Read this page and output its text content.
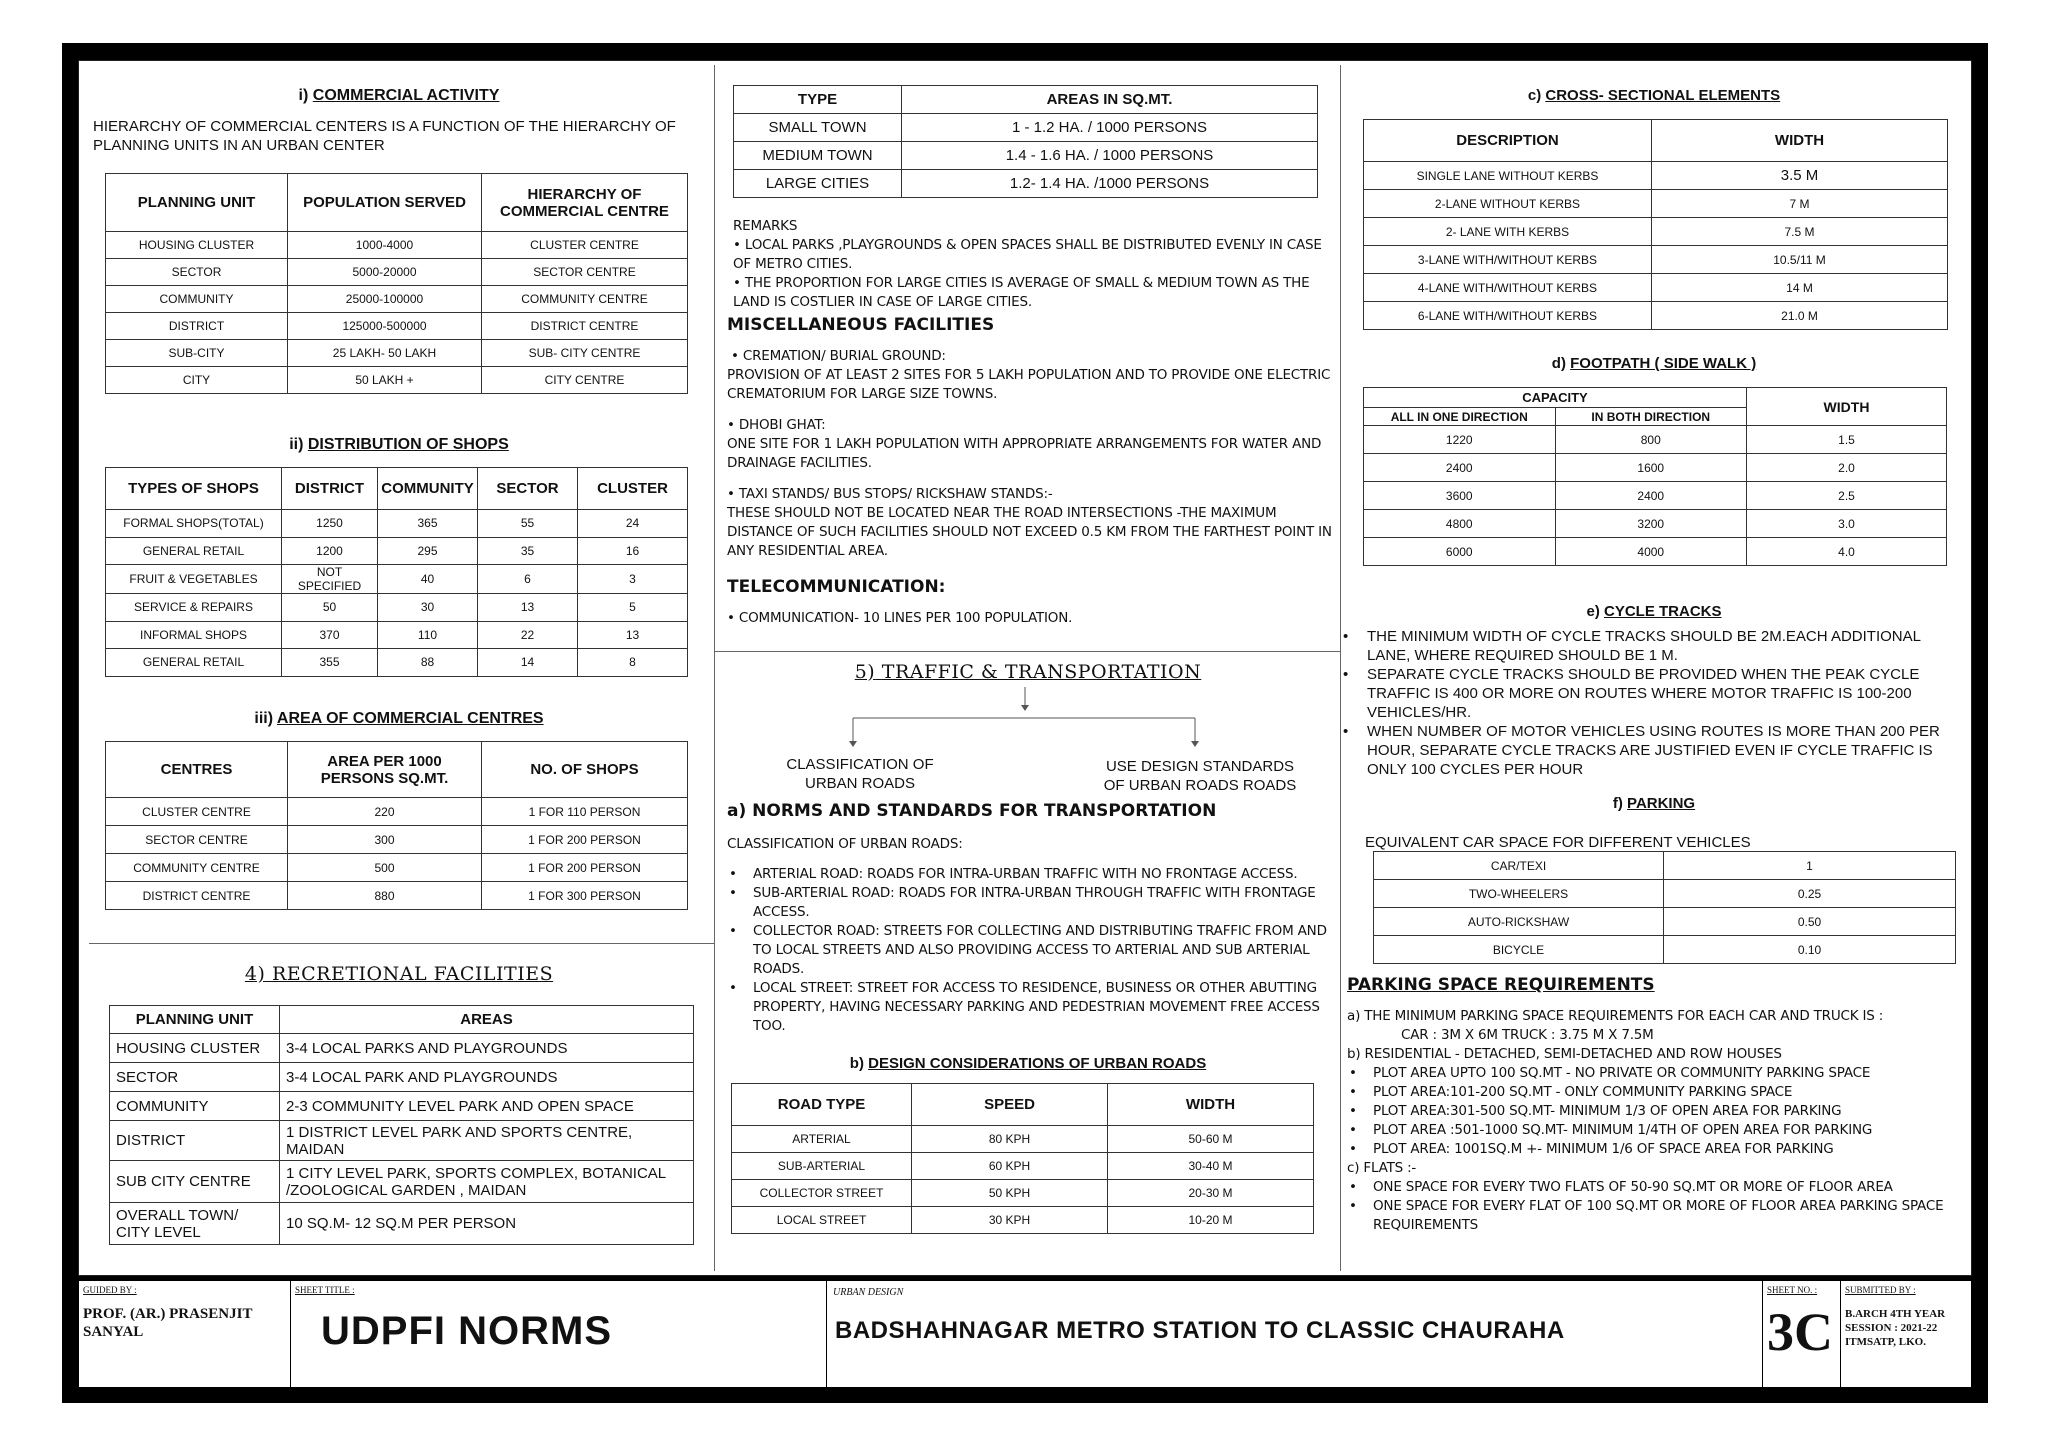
i) COMMERCIAL ACTIVITY
HIERARCHY OF COMMERCIAL CENTERS IS A FUNCTION OF THE HIERARCHY OF PLANNING UNITS IN AN URBAN CENTER
PLANNING UNIT	POPULATION SERVED	HIERARCHY OF COMMERCIAL CENTRE
HOUSING CLUSTER	1000-4000	CLUSTER CENTRE
SECTOR	5000-20000	SECTOR CENTRE
COMMUNITY	25000-100000	COMMUNITY CENTRE
DISTRICT	125000-500000	DISTRICT CENTRE
SUB-CITY	25 LAKH- 50 LAKH	SUB- CITY CENTRE
CITY	50 LAKH +	CITY CENTRE
ii) DISTRIBUTION OF SHOPS
TYPES OF SHOPS	DISTRICT	COMMUNITY	SECTOR	CLUSTER
FORMAL SHOPS(TOTAL)	1250	365	55	24
GENERAL RETAIL	1200	295	35	16
FRUIT & VEGETABLES	NOT SPECIFIED	40	6	3
SERVICE & REPAIRS	50	30	13	5
INFORMAL SHOPS	370	110	22	13
GENERAL RETAIL	355	88	14	8
iii) AREA OF COMMERCIAL CENTRES
CENTRES	AREA PER 1000 PERSONS SQ.MT.	NO. OF SHOPS
CLUSTER CENTRE	220	1 FOR 110 PERSON
SECTOR CENTRE	300	1 FOR 200 PERSON
COMMUNITY CENTRE	500	1 FOR 200 PERSON
DISTRICT CENTRE	880	1 FOR 300 PERSON
4) RECRETIONAL FACILITIES
PLANNING UNIT	AREAS
HOUSING CLUSTER	3-4 LOCAL PARKS AND PLAYGROUNDS
SECTOR	3-4 LOCAL PARK AND PLAYGROUNDS
COMMUNITY	2-3 COMMUNITY LEVEL PARK AND OPEN SPACE
DISTRICT	1 DISTRICT LEVEL PARK AND SPORTS CENTRE, MAIDAN
SUB CITY CENTRE	1 CITY LEVEL PARK, SPORTS COMPLEX, BOTANICAL /ZOOLOGICAL GARDEN , MAIDAN
OVERALL TOWN/ CITY LEVEL	10 SQ.M- 12 SQ.M PER PERSON
TYPE	AREAS IN SQ.MT.
SMALL TOWN	1 - 1.2 HA. / 1000 PERSONS
MEDIUM TOWN	1.4 - 1.6 HA. / 1000 PERSONS
LARGE CITIES	1.2- 1.4 HA. /1000 PERSONS
REMARKS
• LOCAL PARKS ,PLAYGROUNDS & OPEN SPACES SHALL BE DISTRIBUTED EVENLY IN CASE OF METRO CITIES.
• THE PROPORTION FOR LARGE CITIES IS AVERAGE OF SMALL & MEDIUM TOWN AS THE LAND IS COSTLIER IN CASE OF LARGE CITIES.
MISCELLANEOUS FACILITIES
• CREMATION/ BURIAL GROUND:
PROVISION OF AT LEAST 2 SITES FOR 5 LAKH POPULATION AND TO PROVIDE ONE ELECTRIC CREMATORIUM FOR LARGE SIZE TOWNS.
• DHOBI GHAT:
ONE SITE FOR 1 LAKH POPULATION WITH APPROPRIATE ARRANGEMENTS FOR WATER AND DRAINAGE FACILITIES.
• TAXI STANDS/ BUS STOPS/ RICKSHAW STANDS:-
THESE SHOULD NOT BE LOCATED NEAR THE ROAD INTERSECTIONS -THE MAXIMUM DISTANCE OF SUCH FACILITIES SHOULD NOT EXCEED 0.5 KM FROM THE FARTHEST POINT IN ANY RESIDENTIAL AREA.
TELECOMMUNICATION:
• COMMUNICATION- 10 LINES PER 100 POPULATION.
5) TRAFFIC & TRANSPORTATION
CLASSIFICATION OF URBAN ROADS
USE DESIGN STANDARDS OF URBAN ROADS ROADS
a) NORMS AND STANDARDS FOR TRANSPORTATION
CLASSIFICATION OF URBAN ROADS:
• ARTERIAL ROAD: ROADS FOR INTRA-URBAN TRAFFIC WITH NO FRONTAGE ACCESS.
• SUB-ARTERIAL ROAD: ROADS FOR INTRA-URBAN THROUGH TRAFFIC WITH FRONTAGE ACCESS.
• COLLECTOR ROAD: STREETS FOR COLLECTING AND DISTRIBUTING TRAFFIC FROM AND TO LOCAL STREETS AND ALSO PROVIDING ACCESS TO ARTERIAL AND SUB ARTERIAL ROADS.
• LOCAL STREET: STREET FOR ACCESS TO RESIDENCE, BUSINESS OR OTHER ABUTTING PROPERTY, HAVING NECESSARY PARKING AND PEDESTRIAN MOVEMENT FREE ACCESS TOO.
b) DESIGN CONSIDERATIONS OF URBAN ROADS
ROAD TYPE	SPEED	WIDTH
ARTERIAL	80 KPH	50-60 M
SUB-ARTERIAL	60 KPH	30-40 M
COLLECTOR STREET	50 KPH	20-30 M
LOCAL STREET	30 KPH	10-20 M
c) CROSS- SECTIONAL ELEMENTS
DESCRIPTION	WIDTH
SINGLE LANE WITHOUT KERBS	3.5 M
2-LANE WITHOUT KERBS	7 M
2- LANE WITH KERBS	7.5 M
3-LANE WITH/WITHOUT KERBS	10.5/11 M
4-LANE WITH/WITHOUT KERBS	14 M
6-LANE WITH/WITHOUT KERBS	21.0 M
d) FOOTPATH ( SIDE WALK )
CAPACITY		WIDTH
ALL IN ONE DIRECTION	IN BOTH DIRECTION	
1220	800	1.5
2400	1600	2.0
3600	2400	2.5
4800	3200	3.0
6000	4000	4.0
e) CYCLE TRACKS
• THE MINIMUM WIDTH OF CYCLE TRACKS SHOULD BE 2M.EACH ADDITIONAL LANE, WHERE REQUIRED SHOULD BE 1 M.
• SEPARATE CYCLE TRACKS SHOULD BE PROVIDED WHEN THE PEAK CYCLE TRAFFIC IS 400 OR MORE ON ROUTES WHERE MOTOR TRAFFIC IS 100-200 VEHICLES/HR.
• WHEN NUMBER OF MOTOR VEHICLES USING ROUTES IS MORE THAN 200 PER HOUR, SEPARATE CYCLE TRACKS ARE JUSTIFIED EVEN IF CYCLE TRAFFIC IS ONLY 100 CYCLES PER HOUR
f) PARKING
EQUIVALENT CAR SPACE FOR DIFFERENT VEHICLES
CAR/TEXI	1
TWO-WHEELERS	0.25
AUTO-RICKSHAW	0.50
BICYCLE	0.10
PARKING SPACE REQUIREMENTS
a) THE MINIMUM PARKING SPACE REQUIREMENTS FOR EACH CAR AND TRUCK IS :
CAR : 3M X 6M TRUCK : 3.75 M X 7.5M
b) RESIDENTIAL - DETACHED, SEMI-DETACHED AND ROW HOUSES
• PLOT AREA UPTO 100 SQ.MT - NO PRIVATE OR COMMUNITY PARKING SPACE
• PLOT AREA:101-200 SQ.MT - ONLY COMMUNITY PARKING SPACE
• PLOT AREA:301-500 SQ.MT- MINIMUM 1/3 OF OPEN AREA FOR PARKING
• PLOT AREA :501-1000 SQ.MT- MINIMUM 1/4TH OF OPEN AREA FOR PARKING
• PLOT AREA: 1001SQ.M +- MINIMUM 1/6 OF SPACE AREA FOR PARKING
c) FLATS :-
• ONE SPACE FOR EVERY TWO FLATS OF 50-90 SQ.MT OR MORE OF FLOOR AREA
• ONE SPACE FOR EVERY FLAT OF 100 SQ.MT OR MORE OF FLOOR AREA PARKING SPACE REQUIREMENTS
GUIDED BY :
PROF. (AR.) PRASENJIT SANYAL
SHEET TITLE :
UDPFI NORMS
URBAN DESIGN
BADSHAHNAGAR METRO STATION TO CLASSIC CHAURAHA
SHEET NO. :
3C
SUBMITTED BY :
B.ARCH 4TH YEAR
SESSION : 2021-22
ITMSATP, LKO.
